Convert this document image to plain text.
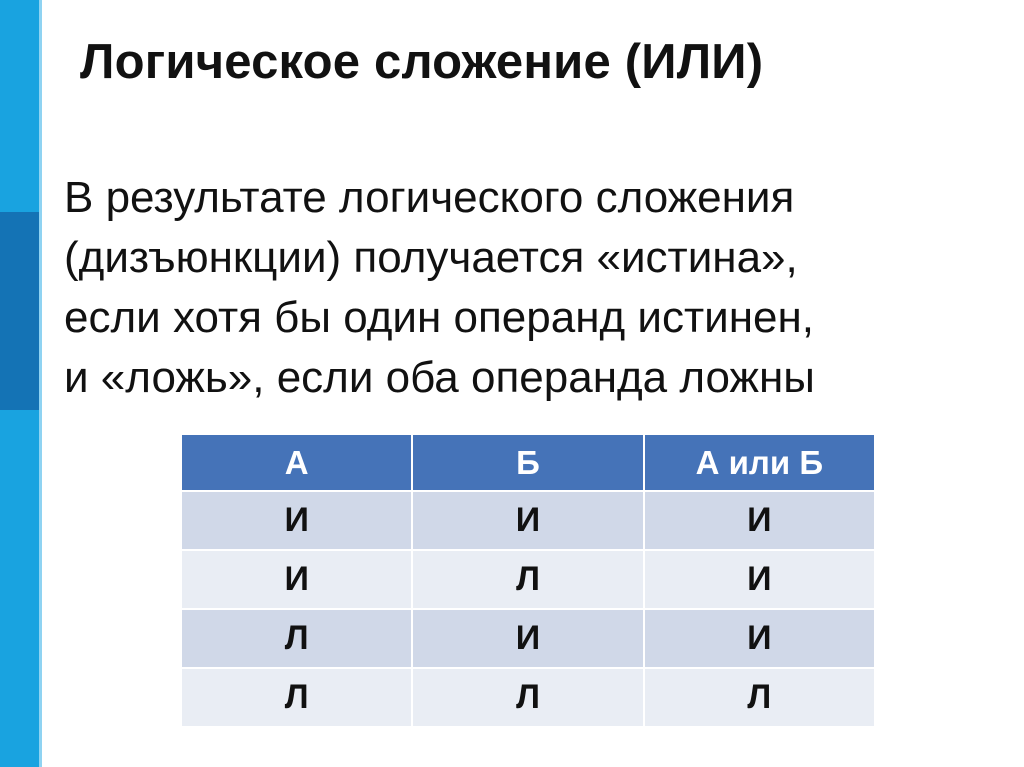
Логическое сложение (ИЛИ)
В результате логического сложения
(дизъюнкции) получается «истина»,
если хотя бы один операнд истинен,
и «ложь», если оба операнда ложны
А	Б	А или Б
И	И	И
И	Л	И
Л	И	И
Л	Л	Л
